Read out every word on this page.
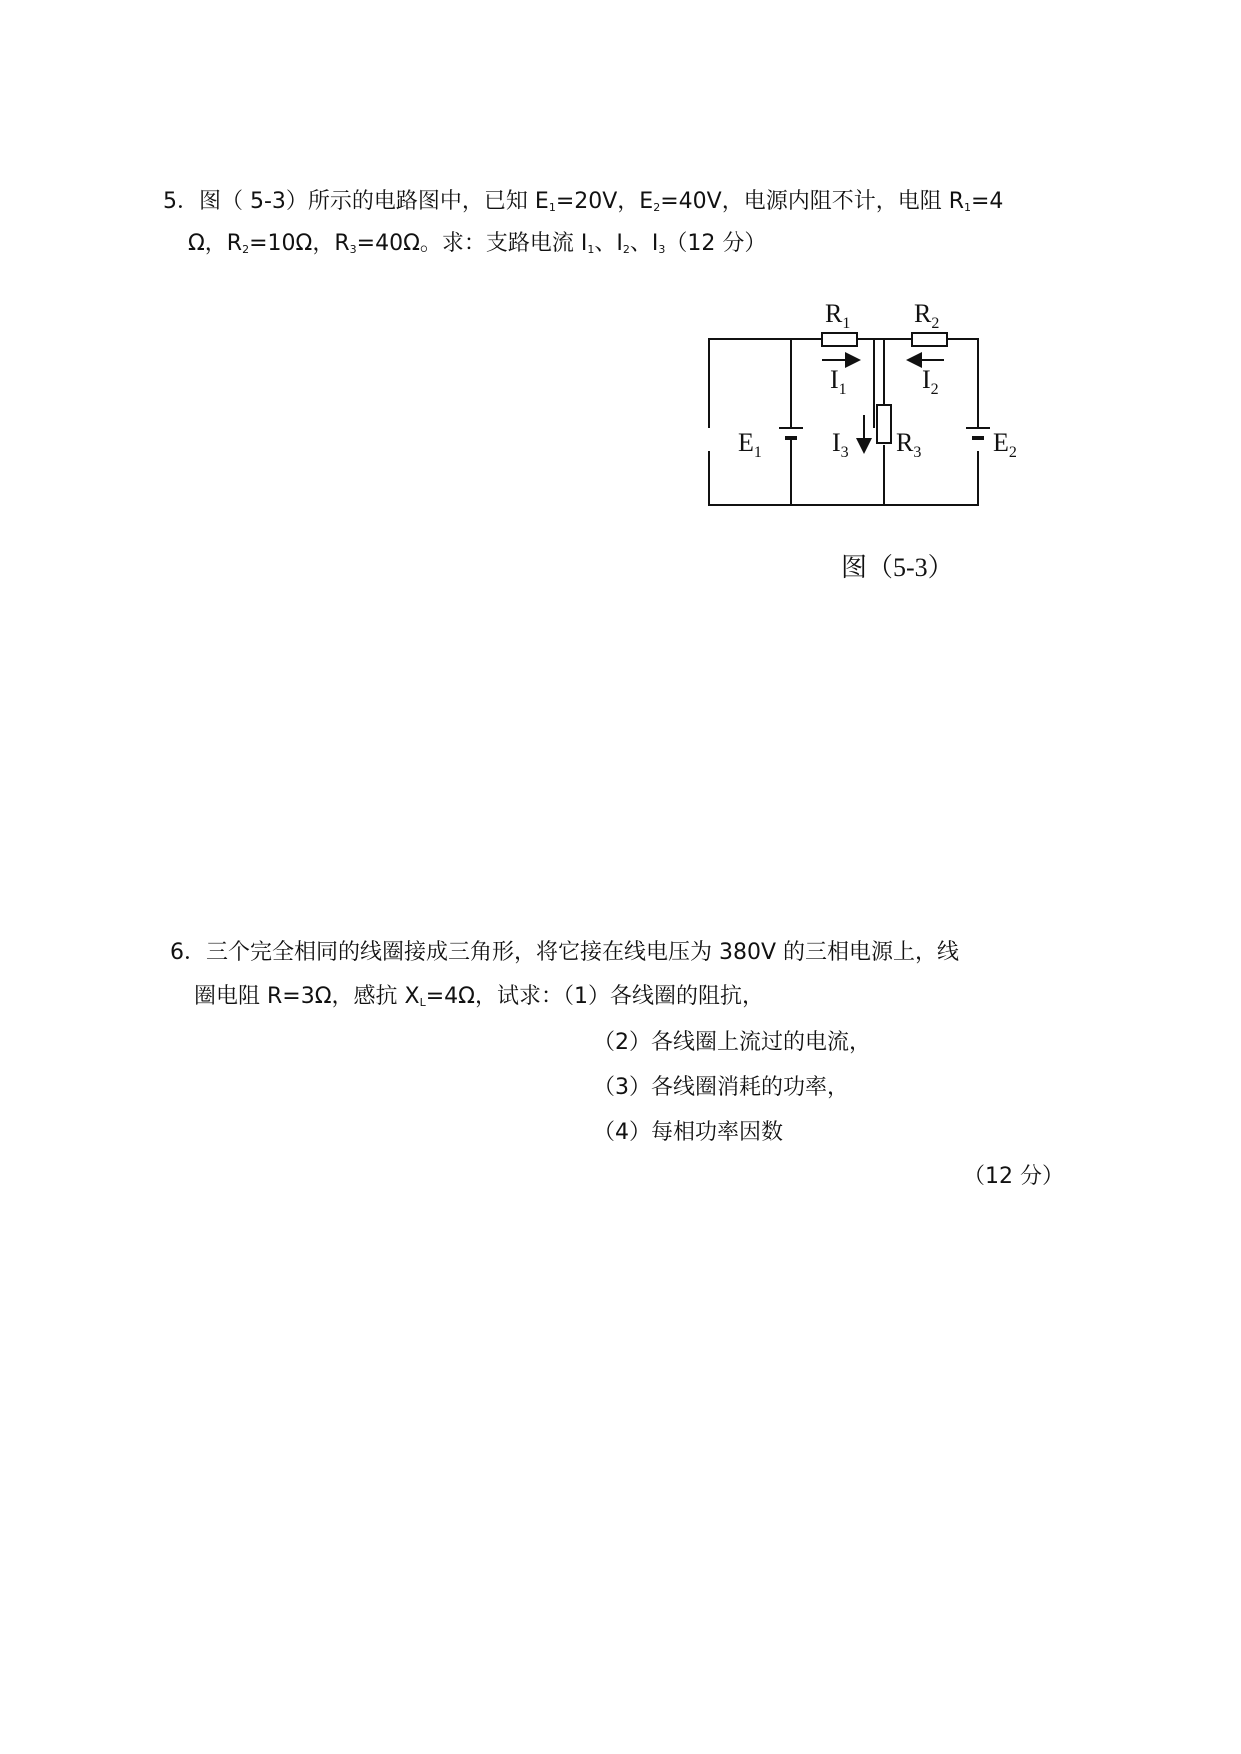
5．图（ 5-3）所示的电路图中，已知 $E_1=20V$，$E_2=40V$，电源内阻不计，电阻 $R_1=4$
Ω，$R_2=10\Omega$，$R_3=40\Omega$。求：支路电流 $I_1$、$I_2$、$I_3(12$ 分）
$R_1$ $R_2$
$I_1$	$I_2$
$E_1$	$I_3$ $R_3$	$E_2$
图（5-3）
6．三个完全相同的线圈接成三角形，将它接在线电压为 380V 的三相电源上，线
圈电阻 R=3Ω，感抗 $X_L=4\Omega$，试求：（1）各线圈的阻抗，
（2）各线圈上流过的电流，
（3）各线圈消耗的功率，
（4）每相功率因数
（12 分）
